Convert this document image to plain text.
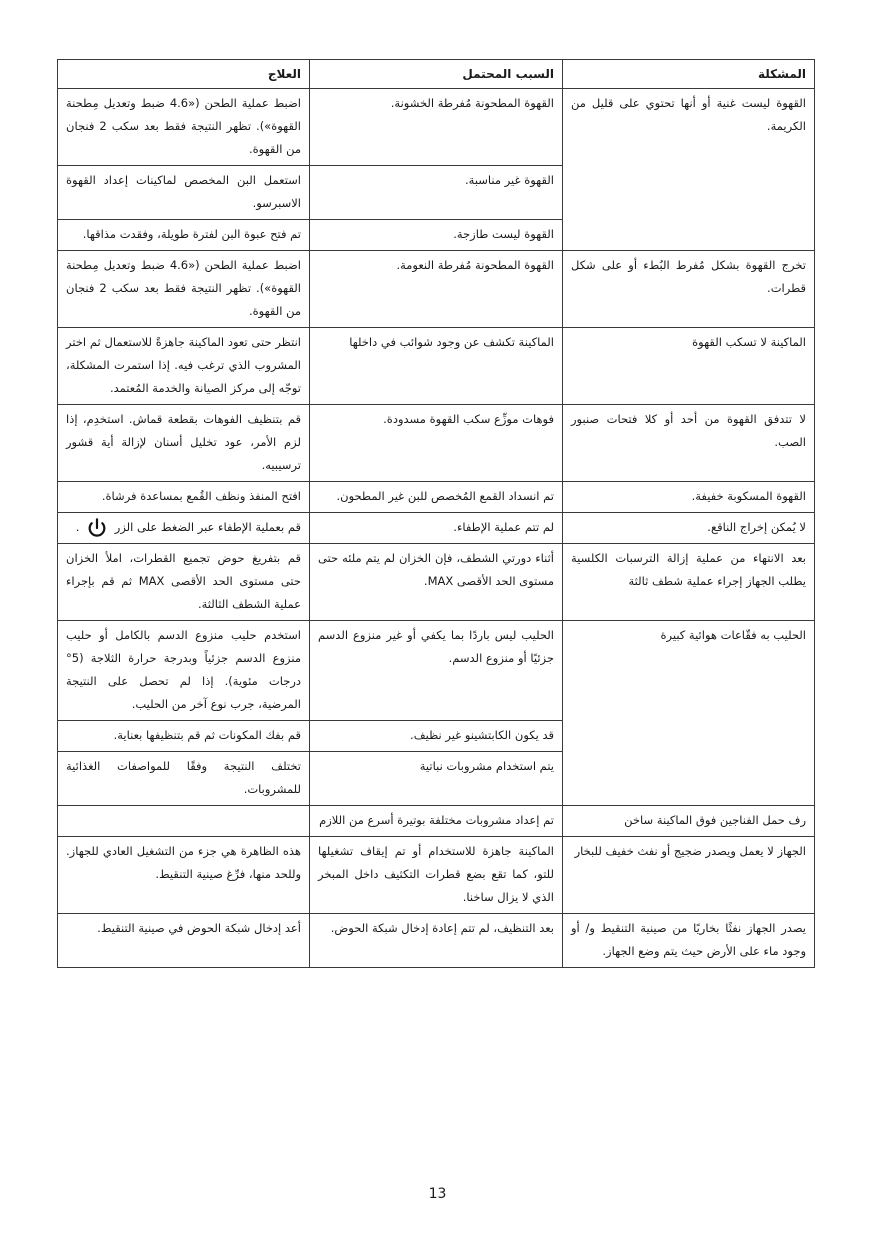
المشكلة	السبب المحتمل	العلاج
القهوة ليست غنية أو أنها تحتوي على قليل من الكريمة.	القهوة المطحونة مُفرطة الخشونة.	اضبط عملية الطحن («4.6 ضبط وتعديل مِطحنة القهوة»). تظهر النتيجة فقط بعد سكب 2 فنجان من القهوة.
	القهوة غير مناسبة.	استعمل البن المخصص لماكينات إعداد القهوة الاسبرسو.
	القهوة ليست طازجة.	تم فتح عبوة البن لفترة طويلة، وفقدت مذاقها.
تخرج القهوة بشكل مُفرط البُطء أو على شكل قطرات.	القهوة المطحونة مُفرطة النعومة.	اضبط عملية الطحن («4.6 ضبط وتعديل مِطحنة القهوة»). تظهر النتيجة فقط بعد سكب 2 فنجان من القهوة.
الماكينة لا تسكب القهوة	الماكينة تكشف عن وجود شوائب في داخلها	انتظر حتى تعود الماكينة جاهزةً للاستعمال ثم اختر المشروب الذي ترغب فيه. إذا استمرت المشكلة، توجّه إلى مركز الصيانة والخدمة المُعتمد.
لا تتدفق القهوة من أحد أو كلا فتحات صنبور الصب.	فوهات موزِّع سكب القهوة مسدودة.	قم بتنظيف الفوهات بقطعة قماش. استخدِم، إذا لزم الأمر، عود تخليل أسنان لإزالة أية قشور ترسيبيه.
القهوة المسكوبة خفيفة.	تم انسداد القمع المُخصص للبن غير المطحون.	افتح المنفذ ونظف القُمع بمساعدة فرشاة.
لا يُمكن إخراج الناقع.	لم تتم عملية الإطفاء.	قم بعملية الإطفاء عبر الضغط على الزر  .
بعد الانتهاء من عملية إزالة الترسبات الكلسية يطلب الجهاز إجراء عملية شطف ثالثة	أثناء دورتي الشطف، فإن الخزان لم يتم ملئه حتى مستوى الحد الأقصى MAX.	قم بتفريغ حوض تجميع القطرات، املأ الخزان حتى مستوى الحد الأقصى MAX ثم قم بإجراء عملية الشطف الثالثة.
الحليب به فقّاعات هوائية كبيرة	الحليب ليس باردًا بما يكفي أو غير منزوع الدسم جزئيًا أو منزوع الدسم.	استخدم حليب منزوع الدسم بالكامل أو حليب منزوع الدسم جزئياً وبدرجة حرارة الثلاجة (5° درجات مئوية). إذا لم تحصل على النتيجة المرضية، جرب نوع آخر من الحليب.
	قد يكون الكابتشينو غير نظيف.	قم بفك المكونات ثم قم بتنظيفها بعناية.
	يتم استخدام مشروبات نباتية	تختلف النتيجة وفقًا للمواصفات الغذائية للمشروبات.
رف حمل الفناجين فوق الماكينة ساخن	تم إعداد مشروبات مختلفة بوتيرة أسرع من اللازم	
الجهاز لا يعمل ويصدر ضجيج أو نفث خفيف للبخار	الماكينة جاهزة للاستخدام أو تم إيقاف تشغيلها للتو، كما تقع بضع قطرات التكثيف داخل المبخر الذي لا يزال ساخنا.	هذه الظاهرة هي جزء من التشغيل العادي للجهاز. وللحد منها، فرِّغ صينية التنقيط.
يصدر الجهاز نفثًا بخاريًا من صينية التنقيط و/ أو وجود ماء على الأرض حيث يتم وضع الجهاز.	بعد التنظيف، لم تتم إعادة إدخال شبكة الحوض.	أعد إدخال شبكة الحوض في صينية التنقيط.
13
